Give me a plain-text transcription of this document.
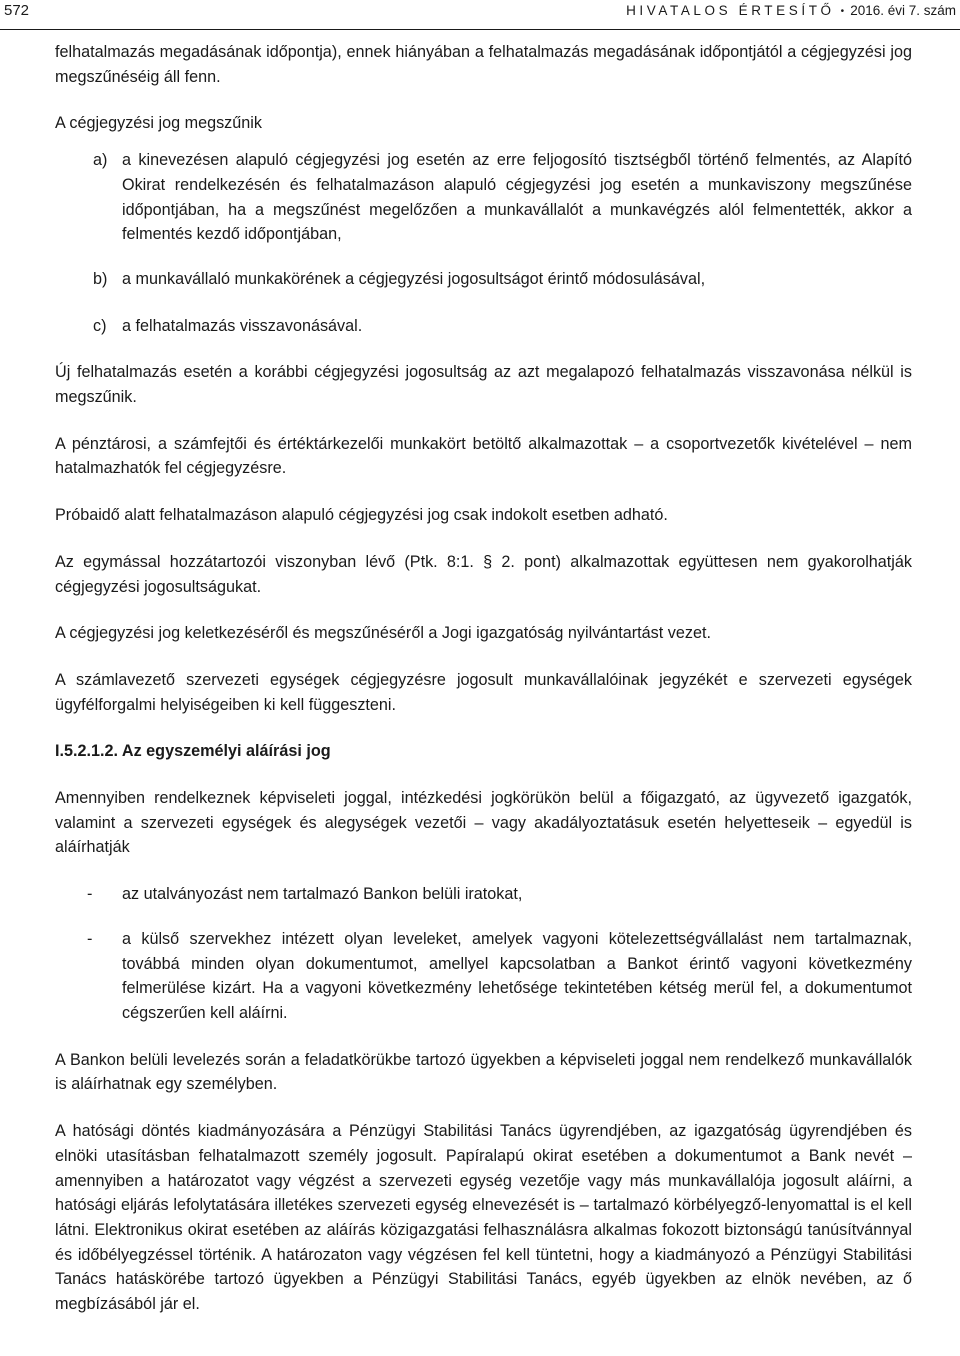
572	HIVATALOS ÉRTESÍTŐ • 2016. évi 7. szám

felhatalmazás megadásának időpontja), ennek hiányában a felhatalmazás megadásának időpontjától a cégjegyzési jog megszűnéséig áll fenn.

A cégjegyzési jog megszűnik

a) a kinevezésen alapuló cégjegyzési jog esetén az erre feljogosító tisztségből történő felmentés, az Alapító Okirat rendelkezésén és felhatalmazáson alapuló cégjegyzési jog esetén a munkaviszony megszűnése időpontjában, ha a megszűnést megelőzően a munkavállalót a munkavégzés alól felmentették, akkor a felmentés kezdő időpontjában,
b) a munkavállaló munkakörének a cégjegyzési jogosultságot érintő módosulásával,
c) a felhatalmazás visszavonásával.

Új felhatalmazás esetén a korábbi cégjegyzési jogosultság az azt megalapozó felhatalmazás visszavonása nélkül is megszűnik.

A pénztárosi, a számfejtői és értéktárkezelői munkakört betöltő alkalmazottak – a csoportvezetők kivételével – nem hatalmazhatók fel cégjegyzésre.

Próbaidő alatt felhatalmazáson alapuló cégjegyzési jog csak indokolt esetben adható.

Az egymással hozzátartozói viszonyban lévő (Ptk. 8:1. § 2. pont) alkalmazottak együttesen nem gyakorolhatják cégjegyzési jogosultságukat.

A cégjegyzési jog keletkezéséről és megszűnéséről a Jogi igazgatóság nyilvántartást vezet.

A számlavezető szervezeti egységek cégjegyzésre jogosult munkavállalóinak jegyzékét e szervezeti egységek ügyfélforgalmi helyiségeiben ki kell függeszteni.

I.5.2.1.2. Az egyszemélyi aláírási jog

Amennyiben rendelkeznek képviseleti joggal, intézkedési jogkörükön belül a főigazgató, az ügyvezető igazgatók, valamint a szervezeti egységek és alegységek vezetői – vagy akadályoztatásuk esetén helyetteseik – egyedül is aláírhatják

- az utalványozást nem tartalmazó Bankon belüli iratokat,
- a külső szervekhez intézett olyan leveleket, amelyek vagyoni kötelezettségvállalást nem tartalmaznak, továbbá minden olyan dokumentumot, amellyel kapcsolatban a Bankot érintő vagyoni következmény felmerülése kizárt. Ha a vagyoni következmény lehetősége tekintetében kétség merül fel, a dokumentumot cégszerűen kell aláírni.

A Bankon belüli levelezés során a feladatkörükbe tartozó ügyekben a képviseleti joggal nem rendelkező munkavállalók is aláírhatnak egy személyben.

A hatósági döntés kiadmányozására a Pénzügyi Stabilitási Tanács ügyrendjében, az igazgatóság ügyrendjében és elnöki utasításban felhatalmazott személy jogosult. Papíralapú okirat esetében a dokumentumot a Bank nevét – amennyiben a határozatot vagy végzést a szervezeti egység vezetője vagy más munkavállalója jogosult aláírni, a hatósági eljárás lefolytatására illetékes szervezeti egység elnevezését is – tartalmazó körbélyegző-lenyomattal is el kell látni. Elektronikus okirat esetében az aláírás közigazgatási felhasználásra alkalmas fokozott biztonságú tanúsítvánnyal és időbélyegzéssel történik. A határozaton vagy végzésen fel kell tüntetni, hogy a kiadmányozó a Pénzügyi Stabilitási Tanács hatáskörébe tartozó ügyekben a Pénzügyi Stabilitási Tanács, egyéb ügyekben az elnök nevében, az ő megbízásából jár el.
